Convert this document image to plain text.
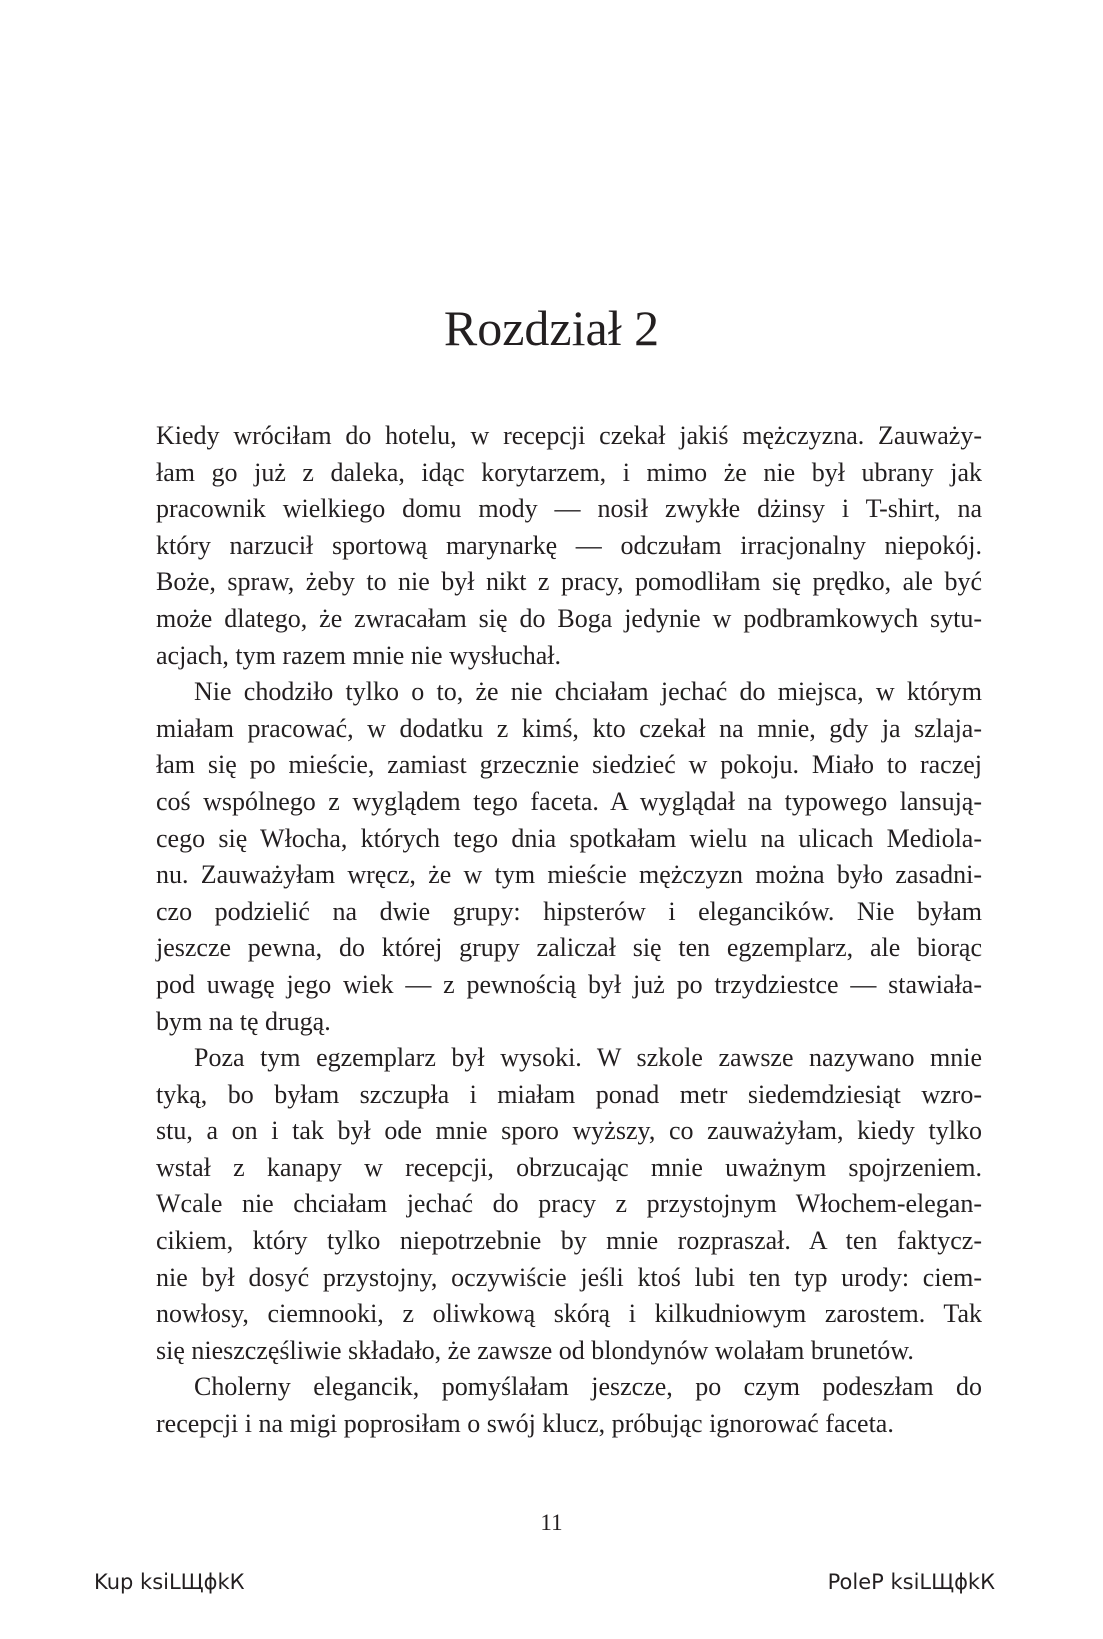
Rozdział 2
Kiedy wróciłam do hotelu, w recepcji czekał jakiś mężczyzna. Zauważy-
łam go już z daleka, idąc korytarzem, i mimo że nie był ubrany jak
pracownik wielkiego domu mody — nosił zwykłe dżinsy i T-shirt, na
który narzucił sportową marynarkę — odczułam irracjonalny niepokój.
Boże, spraw, żeby to nie był nikt z pracy, pomodliłam się prędko, ale być
może dlatego, że zwracałam się do Boga jedynie w podbramkowych sytu-
acjach, tym razem mnie nie wysłuchał.
Nie chodziło tylko o to, że nie chciałam jechać do miejsca, w którym
miałam pracować, w dodatku z kimś, kto czekał na mnie, gdy ja szlaja-
łam się po mieście, zamiast grzecznie siedzieć w pokoju. Miało to raczej
coś wspólnego z wyglądem tego faceta. A wyglądał na typowego lansują-
cego się Włocha, których tego dnia spotkałam wielu na ulicach Mediola-
nu. Zauważyłam wręcz, że w tym mieście mężczyzn można było zasadni-
czo podzielić na dwie grupy: hipsterów i elegancików. Nie byłam
jeszcze pewna, do której grupy zaliczał się ten egzemplarz, ale biorąc
pod uwagę jego wiek — z pewnością był już po trzydziestce — stawiała-
bym na tę drugą.
Poza tym egzemplarz był wysoki. W szkole zawsze nazywano mnie
tyką, bo byłam szczupła i miałam ponad metr siedemdziesiąt wzro-
stu, a on i tak był ode mnie sporo wyższy, co zauważyłam, kiedy tylko
wstał z kanapy w recepcji, obrzucając mnie uważnym spojrzeniem.
Wcale nie chciałam jechać do pracy z przystojnym Włochem-elegan-
cikiem, który tylko niepotrzebnie by mnie rozpraszał. A ten faktycz-
nie był dosyć przystojny, oczywiście jeśli ktoś lubi ten typ urody: ciem-
nowłosy, ciemnooki, z oliwkową skórą i kilkudniowym zarostem. Tak
się nieszczęśliwie składało, że zawsze od blondynów wolałam brunetów.
Cholerny elegancik, pomyślałam jeszcze, po czym podeszłam do
recepcji i na migi poprosiłam o swój klucz, próbując ignorować faceta.
11
Kup ksiLЩϕkК	PoleP ksiLЩϕkК
